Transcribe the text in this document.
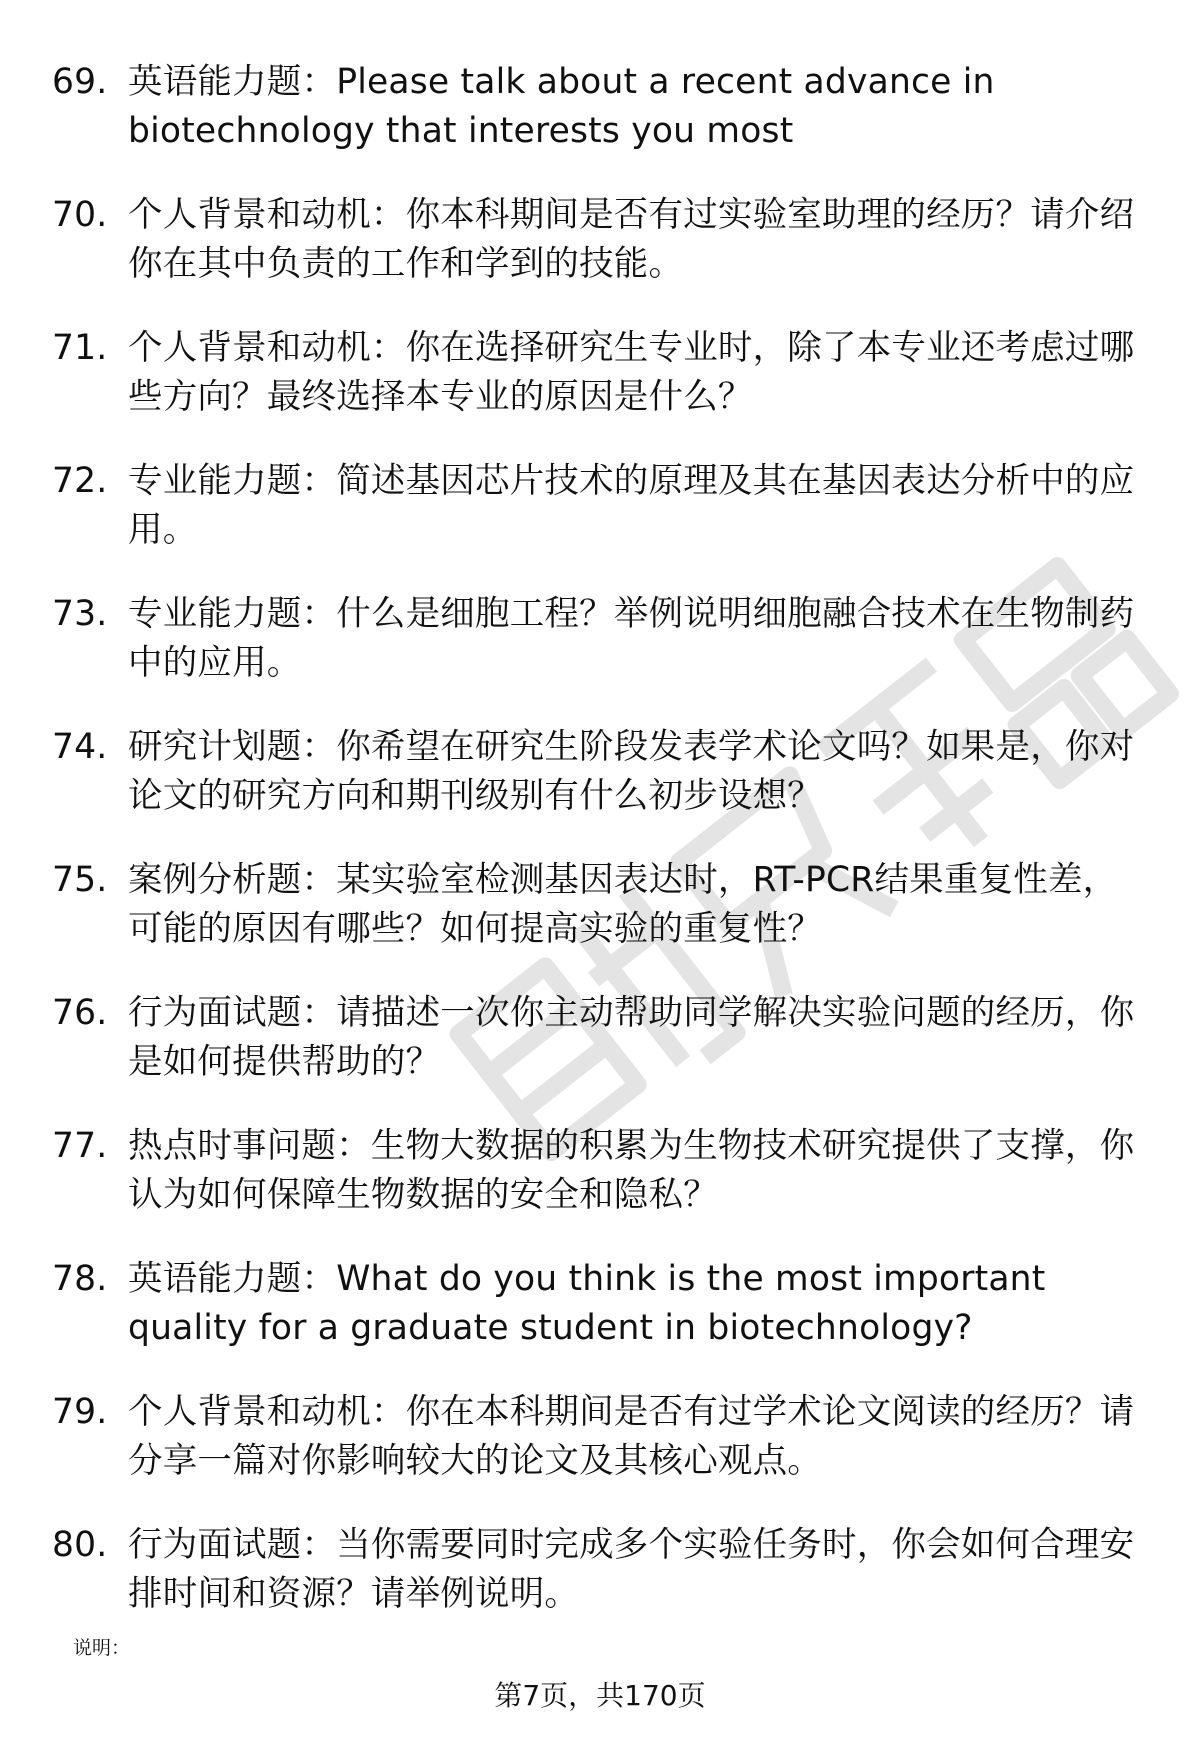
69. 英语能力题：Please talk about a recent advance in biotechnology that interests you most
70. 个人背景和动机：你本科期间是否有过实验室助理的经历？请介绍你在其中负责的工作和学到的技能。
71. 个人背景和动机：你在选择研究生专业时，除了本专业还考虑过哪些方向？最终选择本专业的原因是什么？
72. 专业能力题：简述基因芯片技术的原理及其在基因表达分析中的应用。
73. 专业能力题：什么是细胞工程？举例说明细胞融合技术在生物制药中的应用。
74. 研究计划题：你希望在研究生阶段发表学术论文吗？如果是，你对论文的研究方向和期刊级别有什么初步设想？
75. 案例分析题：某实验室检测基因表达时，RT-PCR结果重复性差，可能的原因有哪些？如何提高实验的重复性？
76. 行为面试题：请描述一次你主动帮助同学解决实验问题的经历，你是如何提供帮助的？
77. 热点时事问题：生物大数据的积累为生物技术研究提供了支撑，你认为如何保障生物数据的安全和隐私？
78. 英语能力题：What do you think is the most important quality for a graduate student in biotechnology?
79. 个人背景和动机：你在本科期间是否有过学术论文阅读的经历？请分享一篇对你影响较大的论文及其核心观点。
80. 行为面试题：当你需要同时完成多个实验任务时，你会如何合理安排时间和资源？请举例说明。
说明：
第7页，共170页
